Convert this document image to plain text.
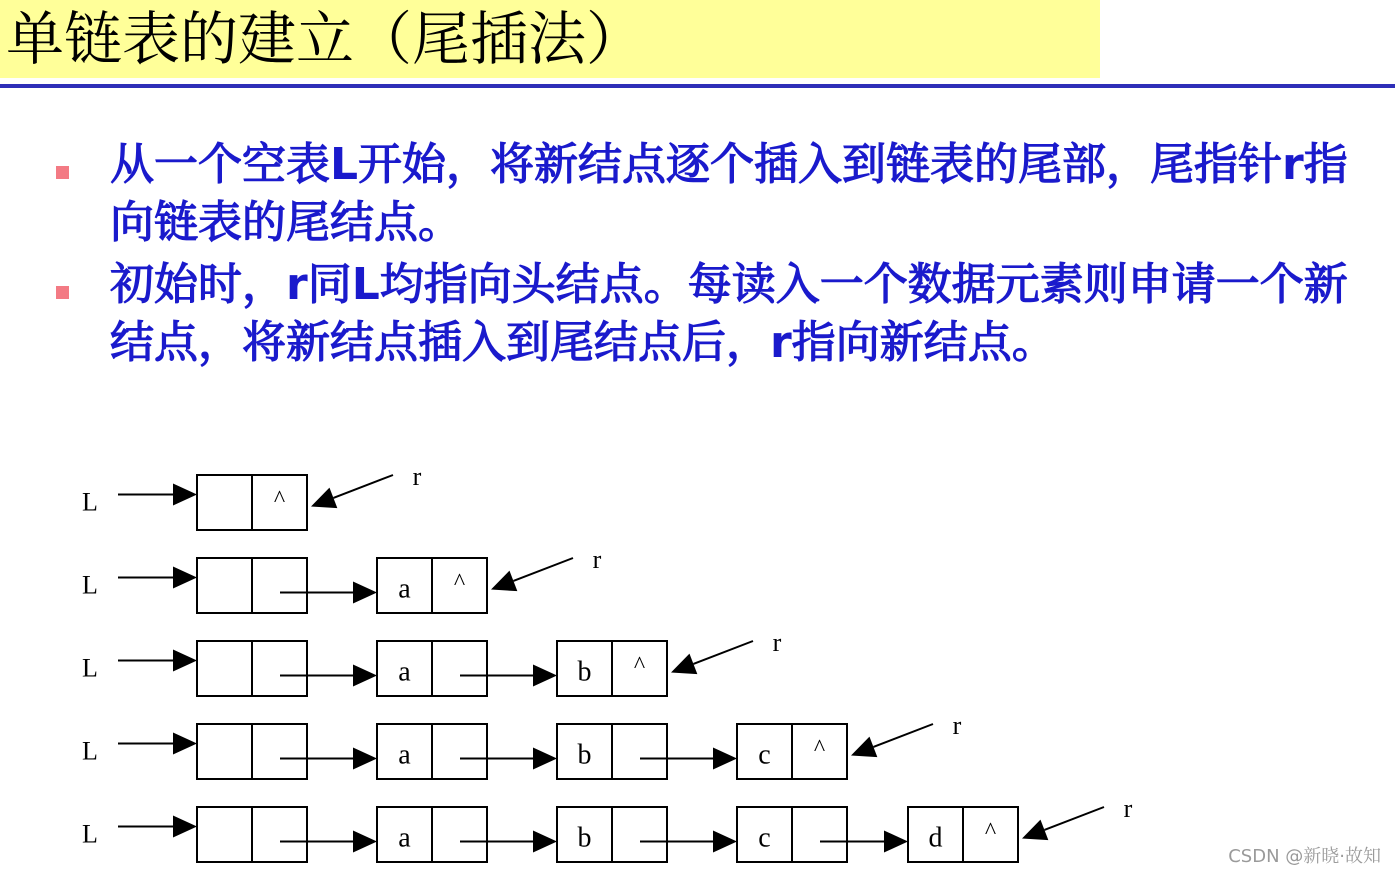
单链表的建立（尾插法）
从一个空表L开始，将新结点逐个插入到链表的尾部，尾指针r指向链表的尾结点。
初始时，r同L均指向头结点。每读入一个数据元素则申请一个新结点，将新结点插入到尾结点后，r指向新结点。
L	^
r
L	a ^
r
L	a	b ^
r
L	a	b	c ^
r
L	a	b	c	d ^
r
CSDN @新晓·故知
